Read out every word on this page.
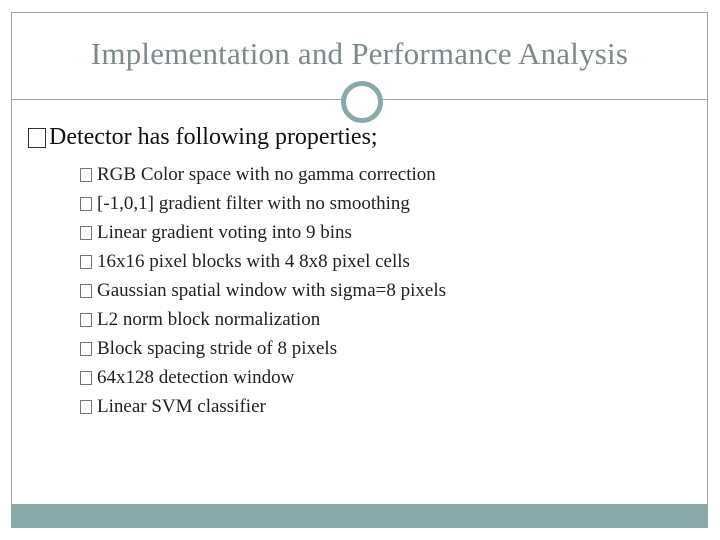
Implementation and Performance Analysis
Detector has following properties;
RGB Color space with no gamma correction
[-1,0,1] gradient filter with no smoothing
Linear gradient voting into 9 bins
16x16 pixel blocks with 4 8x8 pixel cells
Gaussian spatial window with sigma=8 pixels
L2 norm block normalization
Block spacing stride of 8 pixels
64x128 detection window
Linear SVM classifier
